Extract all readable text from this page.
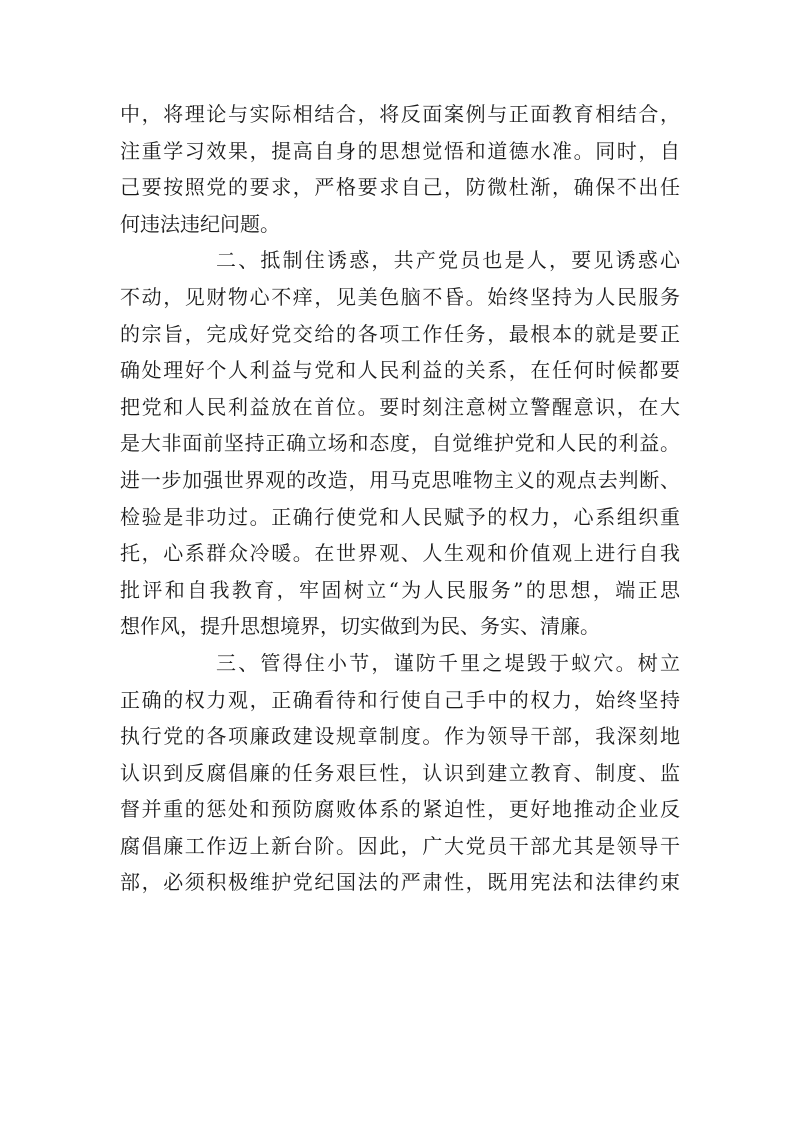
中，将理论与实际相结合，将反面案例与正面教育相结合，
注重学习效果，提高自身的思想觉悟和道德水准。同时，自
己要按照党的要求，严格要求自己，防微杜渐，确保不出任
何违法违纪问题。
二、抵制住诱惑，共产党员也是人，要见诱惑心
不动，见财物心不痒，见美色脑不昏。始终坚持为人民服务
的宗旨，完成好党交给的各项工作任务，最根本的就是要正
确处理好个人利益与党和人民利益的关系，在任何时候都要
把党和人民利益放在首位。要时刻注意树立警醒意识，在大
是大非面前坚持正确立场和态度，自觉维护党和人民的利益。
进一步加强世界观的改造，用马克思唯物主义的观点去判断、
检验是非功过。正确行使党和人民赋予的权力，心系组织重
托，心系群众冷暖。在世界观、人生观和价值观上进行自我
批评和自我教育，牢固树立“为人民服务”的思想，端正思
想作风，提升思想境界，切实做到为民、务实、清廉。
三、管得住小节，谨防千里之堤毁于蚁穴。树立
正确的权力观，正确看待和行使自己手中的权力，始终坚持
执行党的各项廉政建设规章制度。作为领导干部，我深刻地
认识到反腐倡廉的任务艰巨性，认识到建立教育、制度、监
督并重的惩处和预防腐败体系的紧迫性，更好地推动企业反
腐倡廉工作迈上新台阶。因此，广大党员干部尤其是领导干
部，必须积极维护党纪国法的严肃性，既用宪法和法律约束
